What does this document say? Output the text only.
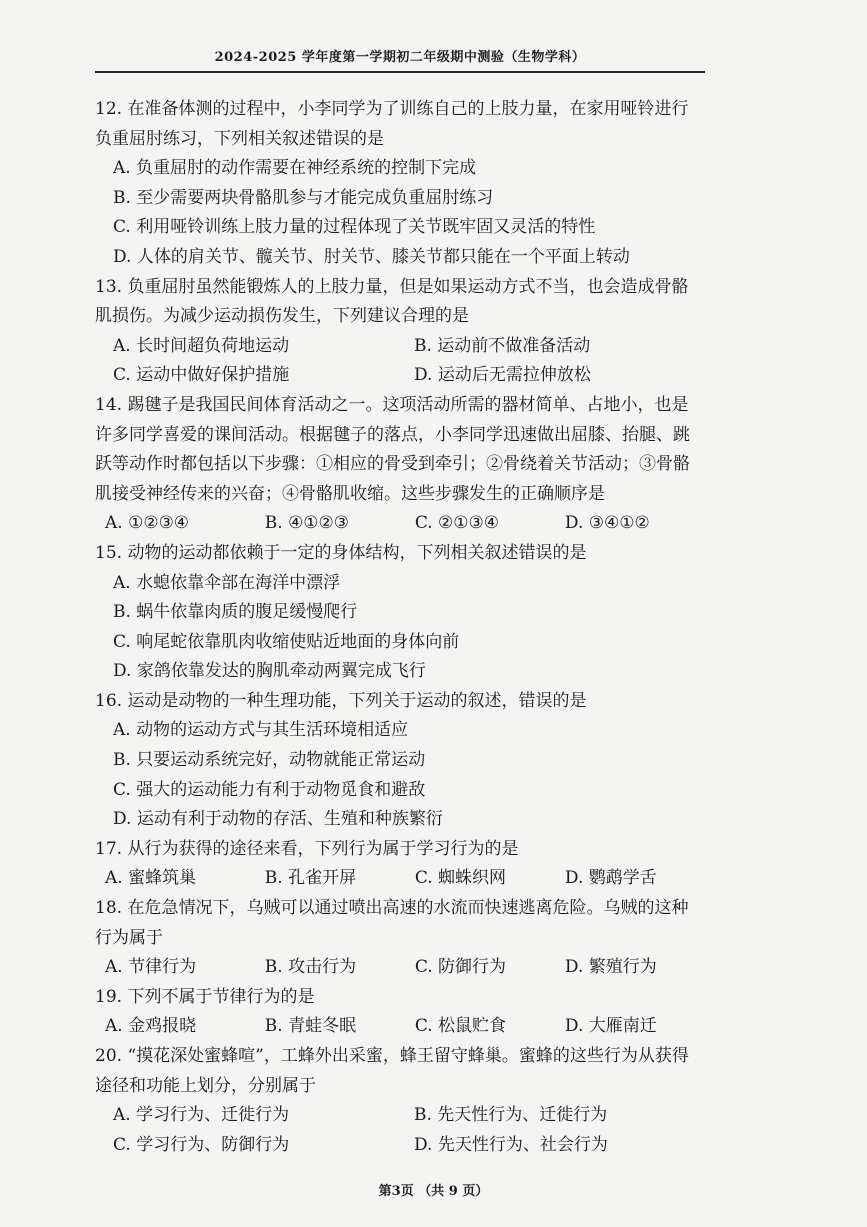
2024-2025 学年度第一学期初二年级期中测验（生物学科）
12. 在准备体测的过程中，小李同学为了训练自己的上肢力量，在家用哑铃进行
负重屈肘练习，下列相关叙述错误的是
A. 负重屈肘的动作需要在神经系统的控制下完成
B. 至少需要两块骨骼肌参与才能完成负重屈肘练习
C. 利用哑铃训练上肢力量的过程体现了关节既牢固又灵活的特性
D. 人体的肩关节、髋关节、肘关节、膝关节都只能在一个平面上转动
13. 负重屈肘虽然能锻炼人的上肢力量，但是如果运动方式不当，也会造成骨骼
肌损伤。为减少运动损伤发生，下列建议合理的是
A. 长时间超负荷地运动	B. 运动前不做准备活动
C. 运动中做好保护措施	D. 运动后无需拉伸放松
14. 踢毽子是我国民间体育活动之一。这项活动所需的器材简单、占地小，也是
许多同学喜爱的课间活动。根据毽子的落点，小李同学迅速做出屈膝、抬腿、跳
跃等动作时都包括以下步骤：①相应的骨受到牵引；②骨绕着关节活动；③骨骼
肌接受神经传来的兴奋；④骨骼肌收缩。这些步骤发生的正确顺序是
A. ①②③④	B. ④①②③	C. ②①③④	D. ③④①②
15. 动物的运动都依赖于一定的身体结构，下列相关叙述错误的是
A. 水螅依靠伞部在海洋中漂浮
B. 蜗牛依靠肉质的腹足缓慢爬行
C. 响尾蛇依靠肌肉收缩使贴近地面的身体向前
D. 家鸽依靠发达的胸肌牵动两翼完成飞行
16. 运动是动物的一种生理功能，下列关于运动的叙述，错误的是
A. 动物的运动方式与其生活环境相适应
B. 只要运动系统完好，动物就能正常运动
C. 强大的运动能力有利于动物觅食和避敌
D. 运动有利于动物的存活、生殖和种族繁衍
17. 从行为获得的途径来看，下列行为属于学习行为的是
A. 蜜蜂筑巢	B. 孔雀开屏	C. 蜘蛛织网	D. 鹦鹉学舌
18. 在危急情况下，乌贼可以通过喷出高速的水流而快速逃离危险。乌贼的这种
行为属于
A. 节律行为	B. 攻击行为	C. 防御行为	D. 繁殖行为
19. 下列不属于节律行为的是
A. 金鸡报晓	B. 青蛙冬眠	C. 松鼠贮食	D. 大雁南迁
20. “摸花深处蜜蜂喧”，工蜂外出采蜜，蜂王留守蜂巢。蜜蜂的这些行为从获得
途径和功能上划分，分别属于
A. 学习行为、迁徙行为	B. 先天性行为、迁徙行为
C. 学习行为、防御行为	D. 先天性行为、社会行为
第3页 （共 9 页）
